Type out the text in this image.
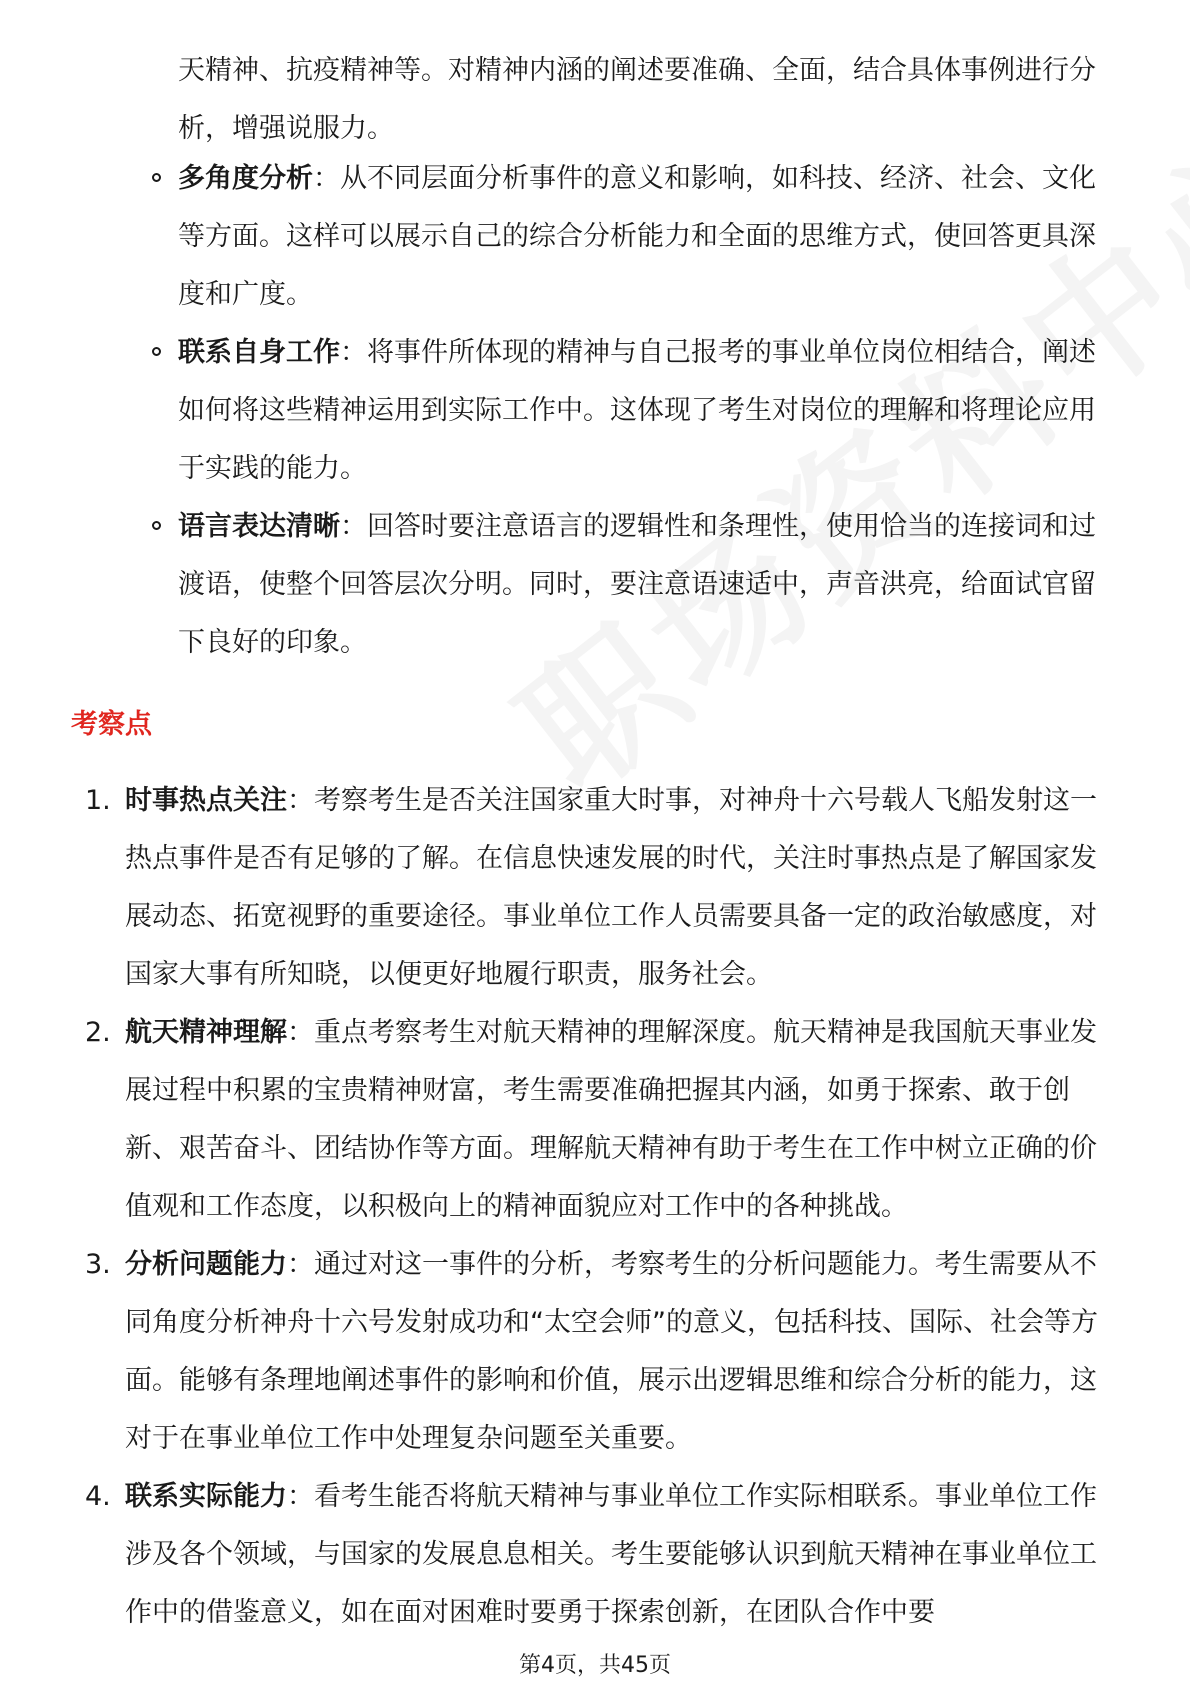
天精神、抗疫精神等。对精神内涵的阐述要准确、全面，结合具体事例进行分析，增强说服力。

多角度分析：从不同层面分析事件的意义和影响，如科技、经济、社会、文化等方面。这样可以展示自己的综合分析能力和全面的思维方式，使回答更具深度和广度。

联系自身工作：将事件所体现的精神与自己报考的事业单位岗位相结合，阐述如何将这些精神运用到实际工作中。这体现了考生对岗位的理解和将理论应用于实践的能力。

语言表达清晰：回答时要注意语言的逻辑性和条理性，使用恰当的连接词和过渡语，使整个回答层次分明。同时，要注意语速适中，声音洪亮，给面试官留下良好的印象。

考察点
1. 时事热点关注：考察考生是否关注国家重大时事，对神舟十六号载人飞船发射这一热点事件是否有足够的了解。在信息快速发展的时代，关注时事热点是了解国家发展动态、拓宽视野的重要途径。事业单位工作人员需要具备一定的政治敏感度，对国家大事有所知晓，以便更好地履行职责，服务社会。

2. 航天精神理解：重点考察考生对航天精神的理解深度。航天精神是我国航天事业发展过程中积累的宝贵精神财富，考生需要准确把握其内涵，如勇于探索、敢于创新、艰苦奋斗、团结协作等方面。理解航天精神有助于考生在工作中树立正确的价值观和工作态度，以积极向上的精神面貌应对工作中的各种挑战。

3. 分析问题能力：通过对这一事件的分析，考察考生的分析问题能力。考生需要从不同角度分析神舟十六号发射成功和“太空会师”的意义，包括科技、国际、社会等方面。能够有条理地阐述事件的影响和价值，展示出逻辑思维和综合分析的能力，这对于在事业单位工作中处理复杂问题至关重要。

4. 联系实际能力：看考生能否将航天精神与事业单位工作实际相联系。事业单位工作涉及各个领域，与国家的发展息息相关。考生要能够认识到航天精神在事业单位工作中的借鉴意义，如在面对困难时要勇于探索创新，在团队合作中要

第4页，共45页
